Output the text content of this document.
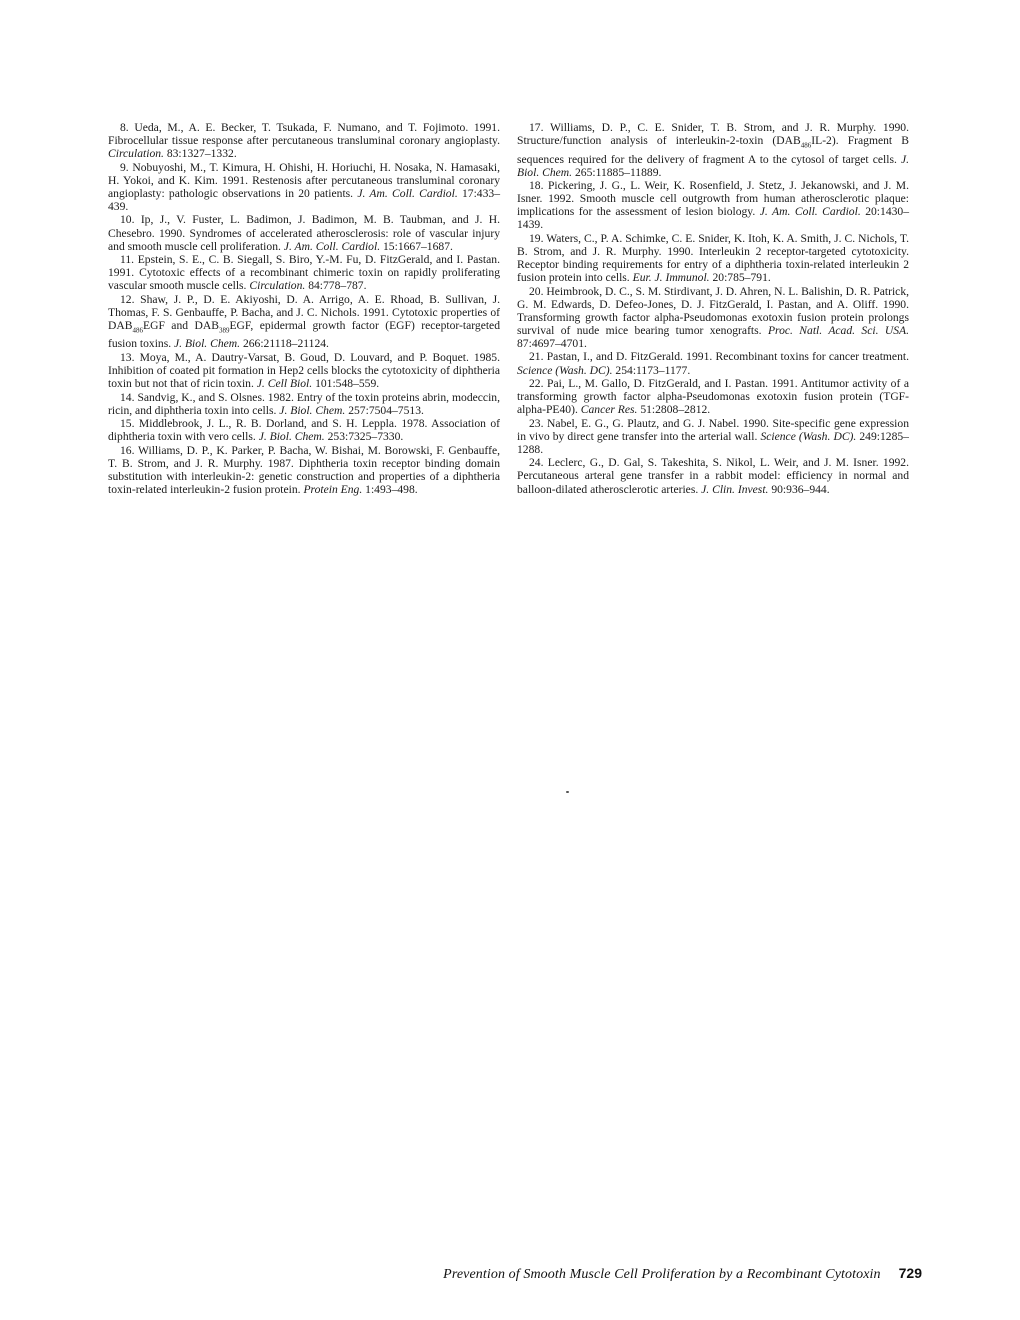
8. Ueda, M., A. E. Becker, T. Tsukada, F. Numano, and T. Fojimoto. 1991. Fibrocellular tissue response after percutaneous transluminal coronary angioplasty. Circulation. 83:1327–1332.

9. Nobuyoshi, M., T. Kimura, H. Ohishi, H. Horiuchi, H. Nosaka, N. Hamasaki, H. Yokoi, and K. Kim. 1991. Restenosis after percutaneous transluminal coronary angioplasty: pathologic observations in 20 patients. J. Am. Coll. Cardiol. 17:433–439.

10. Ip, J., V. Fuster, L. Badimon, J. Badimon, M. B. Taubman, and J. H. Chesebro. 1990. Syndromes of accelerated atherosclerosis: role of vascular injury and smooth muscle cell proliferation. J. Am. Coll. Cardiol. 15:1667–1687.

11. Epstein, S. E., C. B. Siegall, S. Biro, Y.-M. Fu, D. FitzGerald, and I. Pastan. 1991. Cytotoxic effects of a recombinant chimeric toxin on rapidly proliferating vascular smooth muscle cells. Circulation. 84:778–787.

12. Shaw, J. P., D. E. Akiyoshi, D. A. Arrigo, A. E. Rhoad, B. Sullivan, J. Thomas, F. S. Genbauffe, P. Bacha, and J. C. Nichols. 1991. Cytotoxic properties of $DAB_{486}EGF$ and $DAB_{389}EGF$, epidermal growth factor (EGF) receptor-targeted fusion toxins. J. Biol. Chem. 266:21118–21124.

13. Moya, M., A. Dautry-Varsat, B. Goud, D. Louvard, and P. Boquet. 1985. Inhibition of coated pit formation in Hep2 cells blocks the cytotoxicity of diphtheria toxin but not that of ricin toxin. J. Cell Biol. 101:548–559.

14. Sandvig, K., and S. Olsnes. 1982. Entry of the toxin proteins abrin, modeccin, ricin, and diphtheria toxin into cells. J. Biol. Chem. 257:7504–7513.

15. Middlebrook, J. L., R. B. Dorland, and S. H. Leppla. 1978. Association of diphtheria toxin with vero cells. J. Biol. Chem. 253:7325–7330.

16. Williams, D. P., K. Parker, P. Bacha, W. Bishai, M. Borowski, F. Genbauffe, T. B. Strom, and J. R. Murphy. 1987. Diphtheria toxin receptor binding domain substitution with interleukin-2: genetic construction and properties of a diphtheria toxin-related interleukin-2 fusion protein. Protein Eng. 1:493–498.

17. Williams, D. P., C. E. Snider, T. B. Strom, and J. R. Murphy. 1990. Structure/function analysis of interleukin-2-toxin $(DAB_{486}IL-2)$. Fragment B sequences required for the delivery of fragment A to the cytosol of target cells. J. Biol. Chem. 265:11885–11889.

18. Pickering, J. G., L. Weir, K. Rosenfield, J. Stetz, J. Jekanowski, and J. M. Isner. 1992. Smooth muscle cell outgrowth from human atherosclerotic plaque: implications for the assessment of lesion biology. J. Am. Coll. Cardiol. 20:1430–1439.

19. Waters, C., P. A. Schimke, C. E. Snider, K. Itoh, K. A. Smith, J. C. Nichols, T. B. Strom, and J. R. Murphy. 1990. Interleukin 2 receptor-targeted cytotoxicity. Receptor binding requirements for entry of a diphtheria toxin-related interleukin 2 fusion protein into cells. Eur. J. Immunol. 20:785–791.

20. Heimbrook, D. C., S. M. Stirdivant, J. D. Ahren, N. L. Balishin, D. R. Patrick, G. M. Edwards, D. Defeo-Jones, D. J. FitzGerald, I. Pastan, and A. Oliff. 1990. Transforming growth factor alpha-Pseudomonas exotoxin fusion protein prolongs survival of nude mice bearing tumor xenografts. Proc. Natl. Acad. Sci. USA. 87:4697–4701.

21. Pastan, I., and D. FitzGerald. 1991. Recombinant toxins for cancer treatment. Science (Wash. DC). 254:1173–1177.

22. Pai, L., M. Gallo, D. FitzGerald, and I. Pastan. 1991. Antitumor activity of a transforming growth factor alpha-Pseudomonas exotoxin fusion protein (TGF-alpha-PE40). Cancer Res. 51:2808–2812.

23. Nabel, E. G., G. Plautz, and G. J. Nabel. 1990. Site-specific gene expression in vivo by direct gene transfer into the arterial wall. Science (Wash. DC). 249:1285–1288.

24. Leclerc, G., D. Gal, S. Takeshita, S. Nikol, L. Weir, and J. M. Isner. 1992. Percutaneous arteral gene transfer in a rabbit model: efficiency in normal and balloon-dilated atherosclerotic arteries. J. Clin. Invest. 90:936–944.

Prevention of Smooth Muscle Cell Proliferation by a Recombinant Cytotoxin 729
